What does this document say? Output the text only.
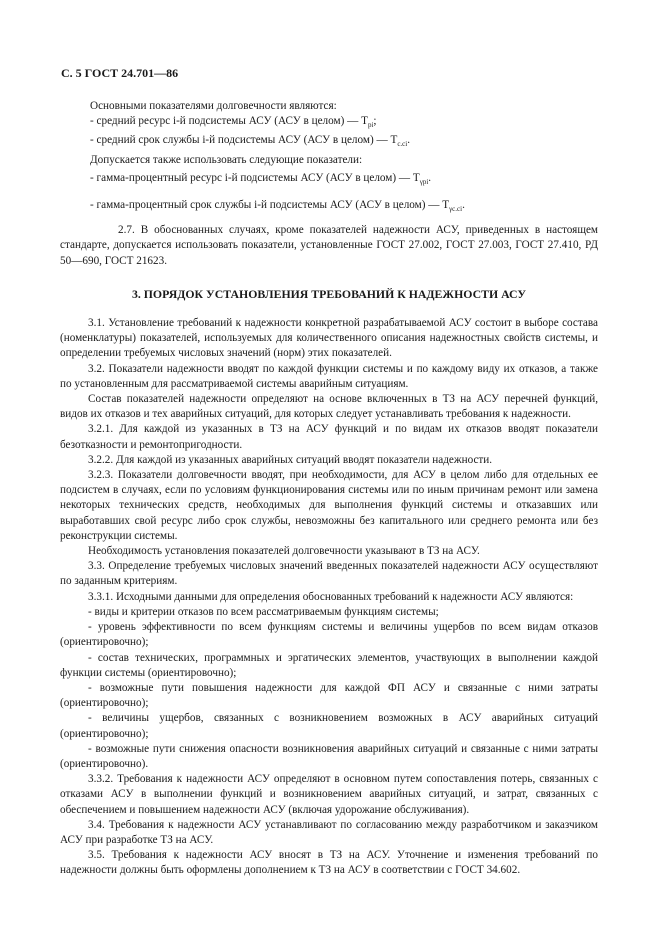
С. 5 ГОСТ 24.701—86

Основными показателями долговечности являются:

- средний ресурс i-й подсистемы АСУ (АСУ в целом) — $T_{pi}$;

- средний срок службы i-й подсистемы АСУ (АСУ в целом) — $T_{c.ci}$.

Допускается также использовать следующие показатели:

- гамма-процентный ресурс i-й подсистемы АСУ (АСУ в целом) — $T_{\gamma pi}$.

- гамма-процентный срок службы i-й подсистемы АСУ (АСУ в целом) — $T_{\gamma c.ci}$.

2.7. В обоснованных случаях, кроме показателей надежности АСУ, приведенных в настоящем стандарте, допускается использовать показатели, установленные ГОСТ 27.002, ГОСТ 27.003, ГОСТ 27.410, РД 50—690, ГОСТ 21623.

3. ПОРЯДОК УСТАНОВЛЕНИЯ ТРЕБОВАНИЙ К НАДЕЖНОСТИ АСУ

3.1. Установление требований к надежности конкретной разрабатываемой АСУ состоит в выборе состава (номенклатуры) показателей, используемых для количественного описания надежностных свойств системы, и определении требуемых числовых значений (норм) этих показателей.

3.2. Показатели надежности вводят по каждой функции системы и по каждому виду их отказов, а также по установленным для рассматриваемой системы аварийным ситуациям.

Состав показателей надежности определяют на основе включенных в ТЗ на АСУ перечней функций, видов их отказов и тех аварийных ситуаций, для которых следует устанавливать требования к надежности.

3.2.1. Для каждой из указанных в ТЗ на АСУ функций и по видам их отказов вводят показатели безотказности и ремонтопригодности.

3.2.2. Для каждой из указанных аварийных ситуаций вводят показатели надежности.

3.2.3. Показатели долговечности вводят, при необходимости, для АСУ в целом либо для отдельных ее подсистем в случаях, если по условиям функционирования системы или по иным причинам ремонт или замена некоторых технических средств, необходимых для выполнения функций системы и отказавших или выработавших свой ресурс либо срок службы, невозможны без капитального или среднего ремонта или без реконструкции системы.

Необходимость установления показателей долговечности указывают в ТЗ на АСУ.

3.3. Определение требуемых числовых значений введенных показателей надежности АСУ осуществляют по заданным критериям.

3.3.1. Исходными данными для определения обоснованных требований к надежности АСУ являются:

- виды и критерии отказов по всем рассматриваемым функциям системы;

- уровень эффективности по всем функциям системы и величины ущербов по всем видам отказов (ориентировочно);

- состав технических, программных и эргатических элементов, участвующих в выполнении каждой функции системы (ориентировочно);

- возможные пути повышения надежности для каждой ФП АСУ и связанные с ними затраты (ориентировочно);

- величины ущербов, связанных с возникновением возможных в АСУ аварийных ситуаций (ориентировочно);

- возможные пути снижения опасности возникновения аварийных ситуаций и связанные с ними затраты (ориентировочно).

3.3.2. Требования к надежности АСУ определяют в основном путем сопоставления потерь, связанных с отказами АСУ в выполнении функций и возникновением аварийных ситуаций, и затрат, связанных с обеспечением и повышением надежности АСУ (включая удорожание обслуживания).

3.4. Требования к надежности АСУ устанавливают по согласованию между разработчиком и заказчиком АСУ при разработке ТЗ на АСУ.

3.5. Требования к надежности АСУ вносят в ТЗ на АСУ. Уточнение и изменения требований по надежности должны быть оформлены дополнением к ТЗ на АСУ в соответствии с ГОСТ 34.602.
